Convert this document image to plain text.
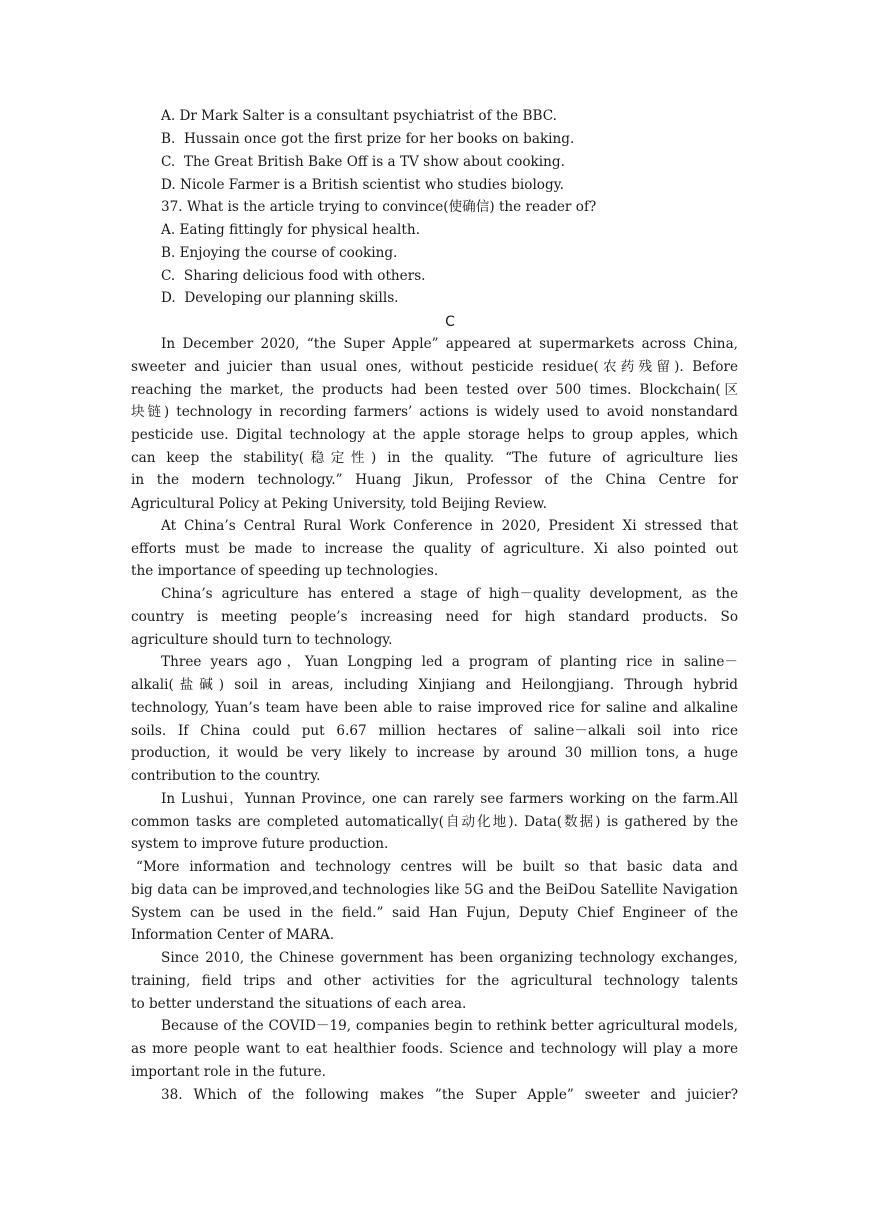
A. Dr Mark Salter is a consultant psychiatrist of the BBC.
B.  Hussain once got the first prize for her books on baking.
C.  The Great British Bake Off is a TV show about cooking.
D. Nicole Farmer is a British scientist who studies biology.
37. What is the article trying to convince(使确信) the reader of?
A. Eating fittingly for physical health.
B. Enjoying the course of cooking.
C.  Sharing delicious food with others.
D.  Developing our planning skills.
C
In December 2020, “the Super Apple” appeared at supermarkets across China,
sweeter and juicier than usual ones, without pesticide residue(农药残留). Before
reaching the market, the products had been tested over 500 times. Blockchain(区
块链) technology in recording farmers’ actions is widely used to avoid nonstandard
pesticide use. Digital technology at the apple storage helps to group apples, which
can keep the stability(稳定性) in the quality. “The future of agriculture lies
in the modern technology.” Huang Jikun, Professor of the China Centre for
Agricultural Policy at Peking University, told Beijing Review.
At China’s Central Rural Work Conference in 2020, President Xi stressed that
efforts must be made to increase the quality of agriculture. Xi also pointed out
the importance of speeding up technologies.
China’s agriculture has entered a stage of high－quality development, as the
country is meeting people’s increasing need for high standard products. So
agriculture should turn to technology.
Three years ago，Yuan Longping led a program of planting rice in saline－
alkali(盐碱) soil in areas, including Xinjiang and Heilongjiang. Through hybrid
technology, Yuan’s team have been able to raise improved rice for saline and alkaline
soils. If China could put 6.67 million hectares of saline－alkali soil into rice
production, it would be very likely to increase by around 30 million tons, a huge
contribution to the country.
In Lushui，Yunnan Province, one can rarely see farmers working on the farm.All
common tasks are completed automatically(自动化地). Data(数据) is gathered by the
system to improve future production.
“More information and technology centres will be built so that basic data and
big data can be improved,and technologies like 5G and the BeiDou Satellite Navigation
System can be used in the field.” said Han Fujun, Deputy Chief Engineer of the
Information Center of MARA.
Since 2010, the Chinese government has been organizing technology exchanges,
training, field trips and other activities for the agricultural technology talents
to better understand the situations of each area.
Because of the COVID－19, companies begin to rethink better agricultural models,
as more people want to eat healthier foods. Science and technology will play a more
important role in the future.
38. Which of the following makes ”the Super Apple” sweeter and juicier?
